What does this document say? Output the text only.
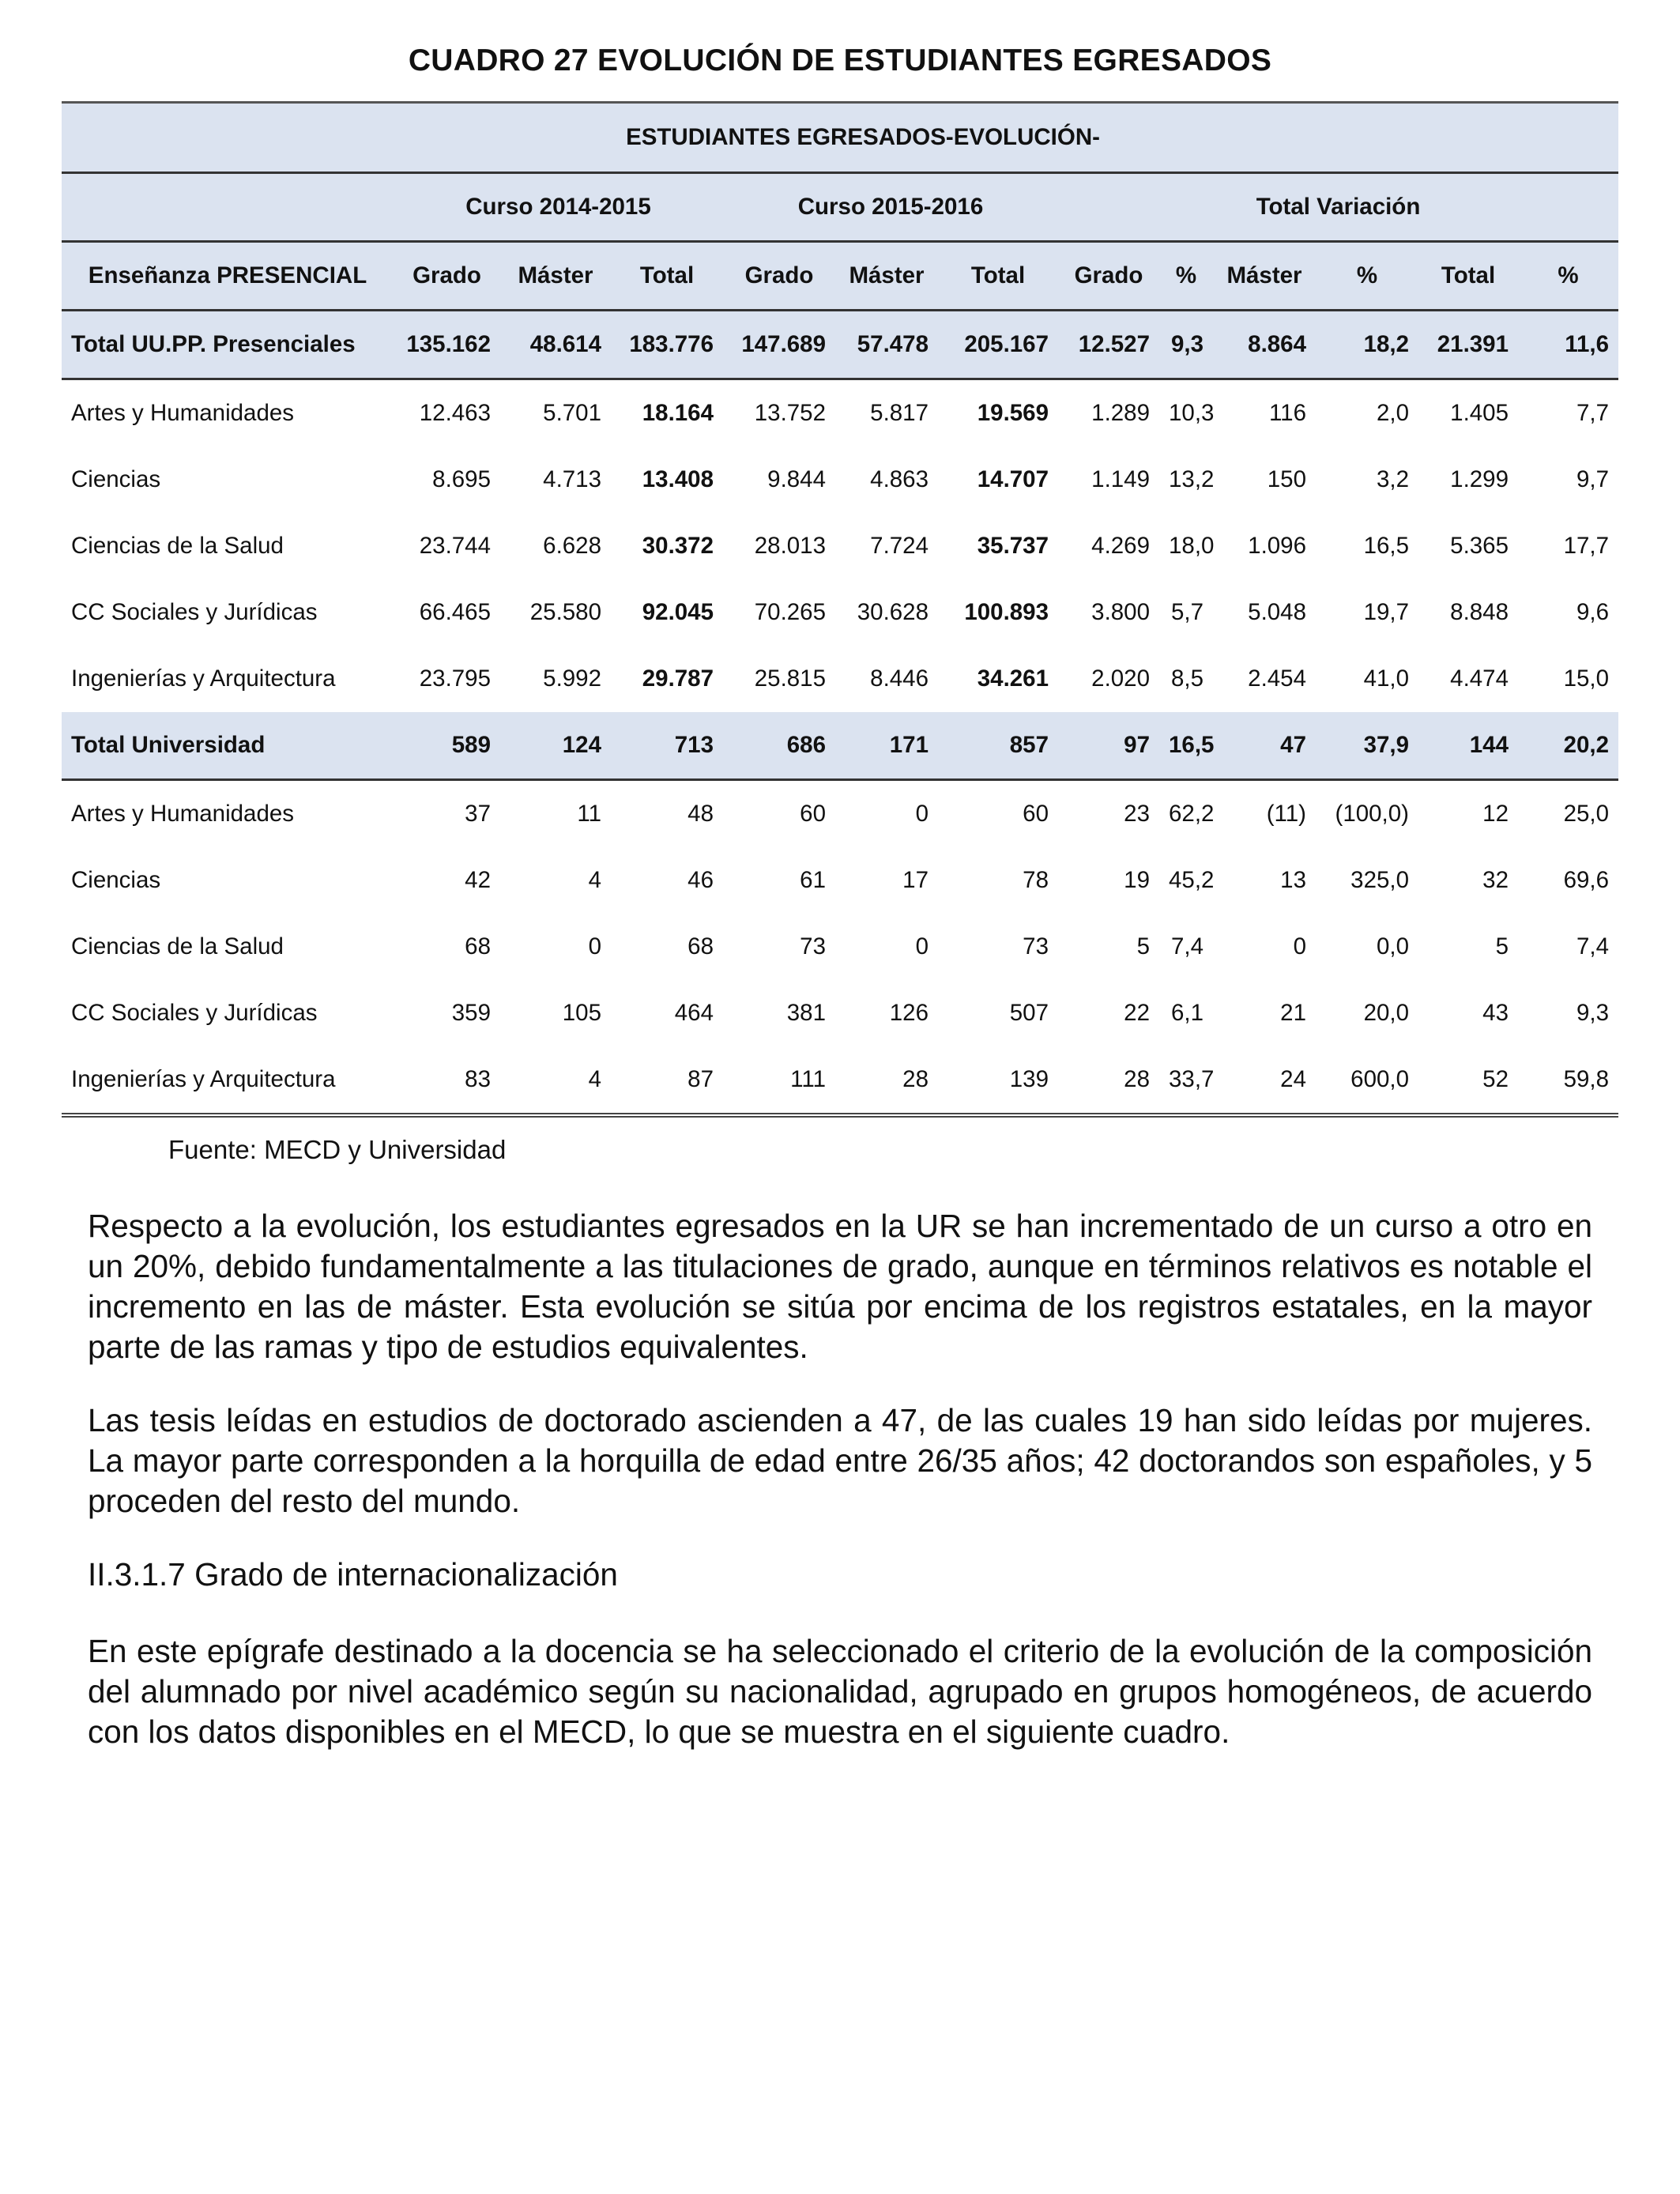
CUADRO 27 EVOLUCIÓN DE ESTUDIANTES EGRESADOS

	ESTUDIANTES EGRESADOS-EVOLUCIÓN-											
	Curso 2014-2015			Curso 2015-2016			Total Variación					
Enseñanza PRESENCIAL	Grado	Máster	Total	Grado	Máster	Total	Grado	%	Máster	%	Total	%
Total UU.PP. Presenciales	135.162	48.614	183.776	147.689	57.478	205.167	12.527	9,3	8.864	18,2	21.391	11,6
Artes y Humanidades	12.463	5.701	18.164	13.752	5.817	19.569	1.289	10,3	116	2,0	1.405	7,7
Ciencias	8.695	4.713	13.408	9.844	4.863	14.707	1.149	13,2	150	3,2	1.299	9,7
Ciencias de la Salud	23.744	6.628	30.372	28.013	7.724	35.737	4.269	18,0	1.096	16,5	5.365	17,7
CC Sociales y Jurídicas	66.465	25.580	92.045	70.265	30.628	100.893	3.800	5,7	5.048	19,7	8.848	9,6
Ingenierías y Arquitectura	23.795	5.992	29.787	25.815	8.446	34.261	2.020	8,5	2.454	41,0	4.474	15,0
Total Universidad	589	124	713	686	171	857	97	16,5	47	37,9	144	20,2
Artes y Humanidades	37	11	48	60	0	60	23	62,2	(11)	(100,0)	12	25,0
Ciencias	42	4	46	61	17	78	19	45,2	13	325,0	32	69,6
Ciencias de la Salud	68	0	68	73	0	73	5	7,4	0	0,0	5	7,4
CC Sociales y Jurídicas	359	105	464	381	126	507	22	6,1	21	20,0	43	9,3
Ingenierías y Arquitectura	83	4	87	111	28	139	28	33,7	24	600,0	52	59,8
Fuente: MECD y Universidad

Respecto a la evolución, los estudiantes egresados en la UR se han incrementado de un curso a otro en un 20%, debido fundamentalmente a las titulaciones de grado, aunque en términos relativos es notable el incremento en las de máster. Esta evolución se sitúa por encima de los registros estatales, en la mayor parte de las ramas y tipo de estudios equivalentes.

Las tesis leídas en estudios de doctorado ascienden a 47, de las cuales 19 han sido leídas por mujeres. La mayor parte corresponden a la horquilla de edad entre 26/35 años; 42 doctorandos son españoles, y 5 proceden del resto del mundo.

II.3.1.7 Grado de internacionalización

En este epígrafe destinado a la docencia se ha seleccionado el criterio de la evolución de la composición del alumnado por nivel académico según su nacionalidad, agrupado en grupos homogéneos, de acuerdo con los datos disponibles en el MECD, lo que se muestra en el siguiente cuadro.
